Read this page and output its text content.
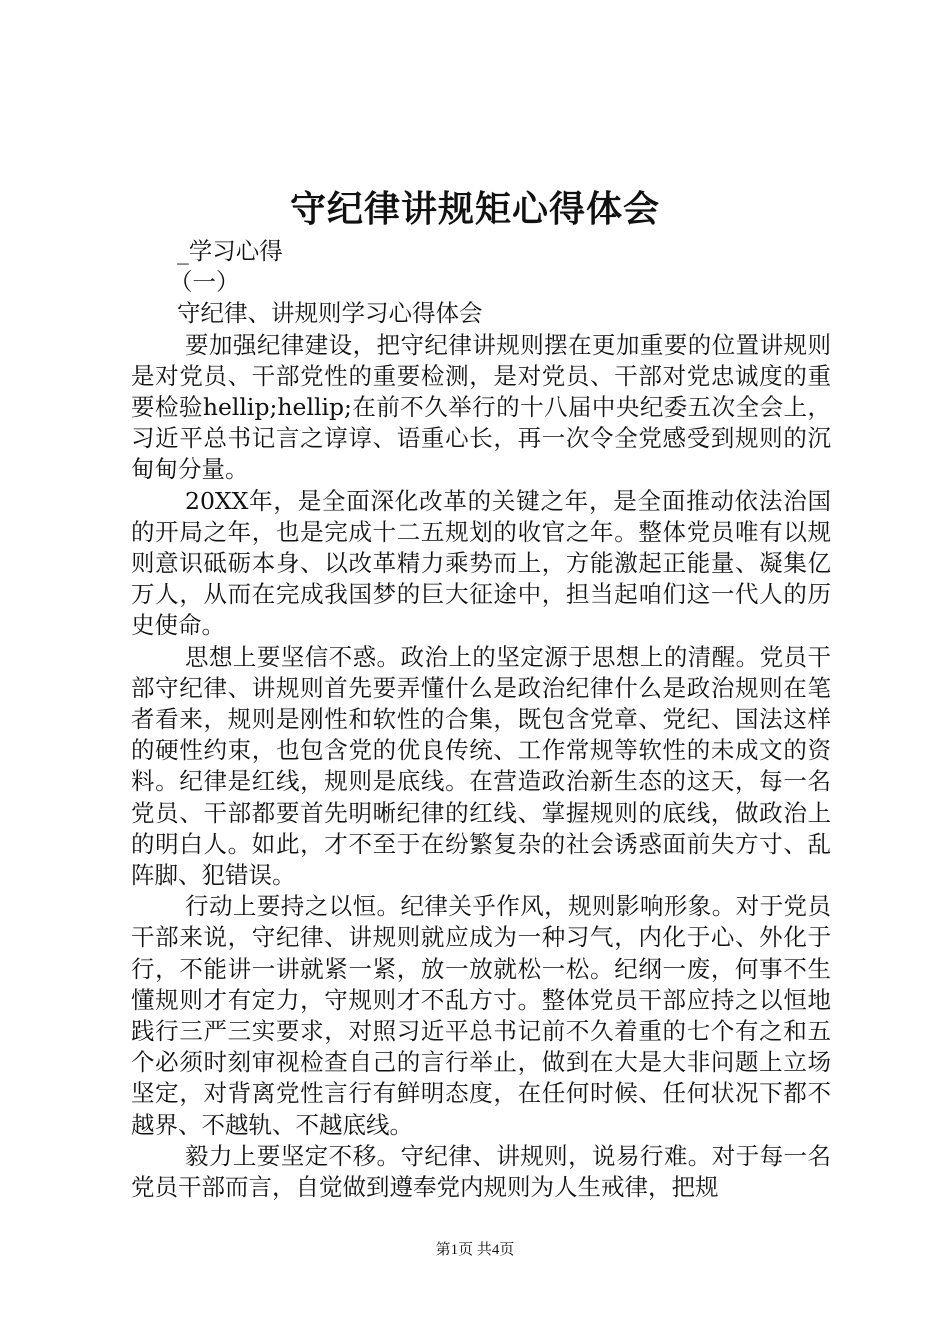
守纪律讲规矩心得体会
_学习心得
（一）
守纪律、讲规则学习心得体会

要加强纪律建设，把守纪律讲规则摆在更加重要的位置讲规则是对党员、干部党性的重要检测，是对党员、干部对党忠诚度的重要检验hellip;hellip;在前不久举行的十八届中央纪委五次全会上，习近平总书记言之谆谆、语重心长，再一次令全党感受到规则的沉甸甸分量。

20XX年，是全面深化改革的关键之年，是全面推动依法治国的开局之年，也是完成十二五规划的收官之年。整体党员唯有以规则意识砥砺本身、以改革精力乘势而上，方能激起正能量、凝集亿万人，从而在完成我国梦的巨大征途中，担当起咱们这一代人的历史使命。

思想上要坚信不惑。政治上的坚定源于思想上的清醒。党员干部守纪律、讲规则首先要弄懂什么是政治纪律什么是政治规则在笔者看来，规则是刚性和软性的合集，既包含党章、党纪、国法这样的硬性约束，也包含党的优良传统、工作常规等软性的未成文的资料。纪律是红线，规则是底线。在营造政治新生态的这天，每一名党员、干部都要首先明晰纪律的红线、掌握规则的底线，做政治上的明白人。如此，才不至于在纷繁复杂的社会诱惑面前失方寸、乱阵脚、犯错误。

行动上要持之以恒。纪律关乎作风，规则影响形象。对于党员干部来说，守纪律、讲规则就应成为一种习气，内化于心、外化于行，不能讲一讲就紧一紧，放一放就松一松。纪纲一废，何事不生懂规则才有定力，守规则才不乱方寸。整体党员干部应持之以恒地践行三严三实要求，对照习近平总书记前不久着重的七个有之和五个必须时刻审视检查自己的言行举止，做到在大是大非问题上立场坚定，对背离党性言行有鲜明态度，在任何时候、任何状况下都不越界、不越轨、不越底线。

毅力上要坚定不移。守纪律、讲规则，说易行难。对于每一名党员干部而言，自觉做到遵奉党内规则为人生戒律，把规

第1页 共4页
